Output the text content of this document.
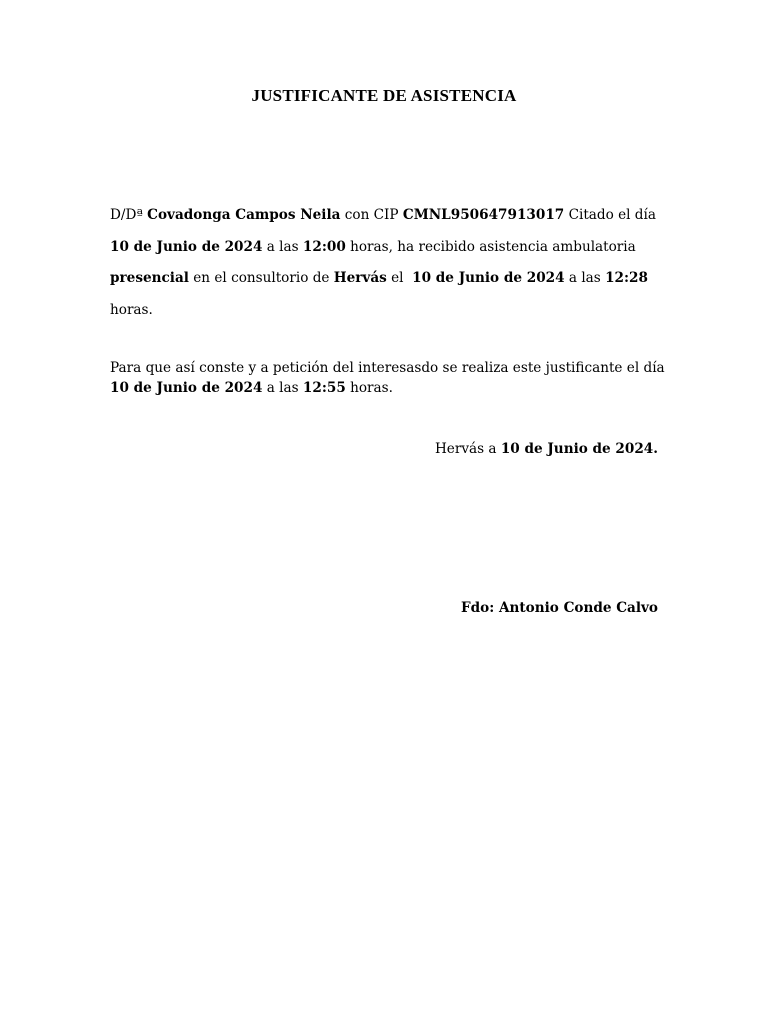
JUSTIFICANTE DE ASISTENCIA
D/Dª Covadonga Campos Neila con CIP CMNL950647913017 Citado el día 10 de Junio de 2024 a las 12:00 horas, ha recibido asistencia ambulatoria presencial en el consultorio de Hervás el  10 de Junio de 2024 a las 12:28 horas.
Para que así conste y a petición del interesasdo se realiza este justificante el día 10 de Junio de 2024 a las 12:55 horas.
Hervás a 10 de Junio de 2024.
Fdo: Antonio Conde Calvo
